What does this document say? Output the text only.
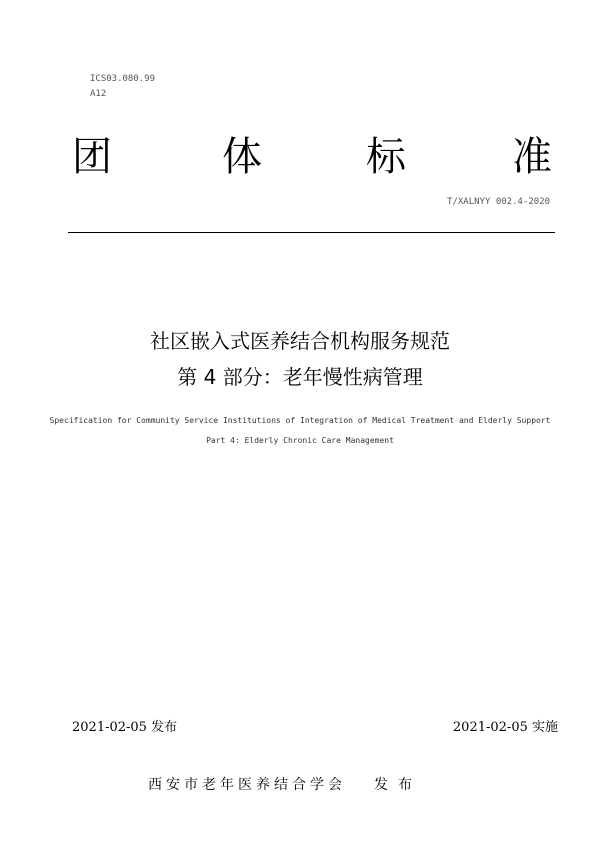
ICS03.080.99
A12
团	体	标	准
T/XALNYY 002.4-2020
社区嵌入式医养结合机构服务规范
第 4 部分：老年慢性病管理
Specification for Community Service Institutions of Integration of Medical Treatment and Elderly Support
Part 4: Elderly Chronic Care Management
2021-02-05 发布	2021-02-05 实施
西安市老年医养结合学会 发布
